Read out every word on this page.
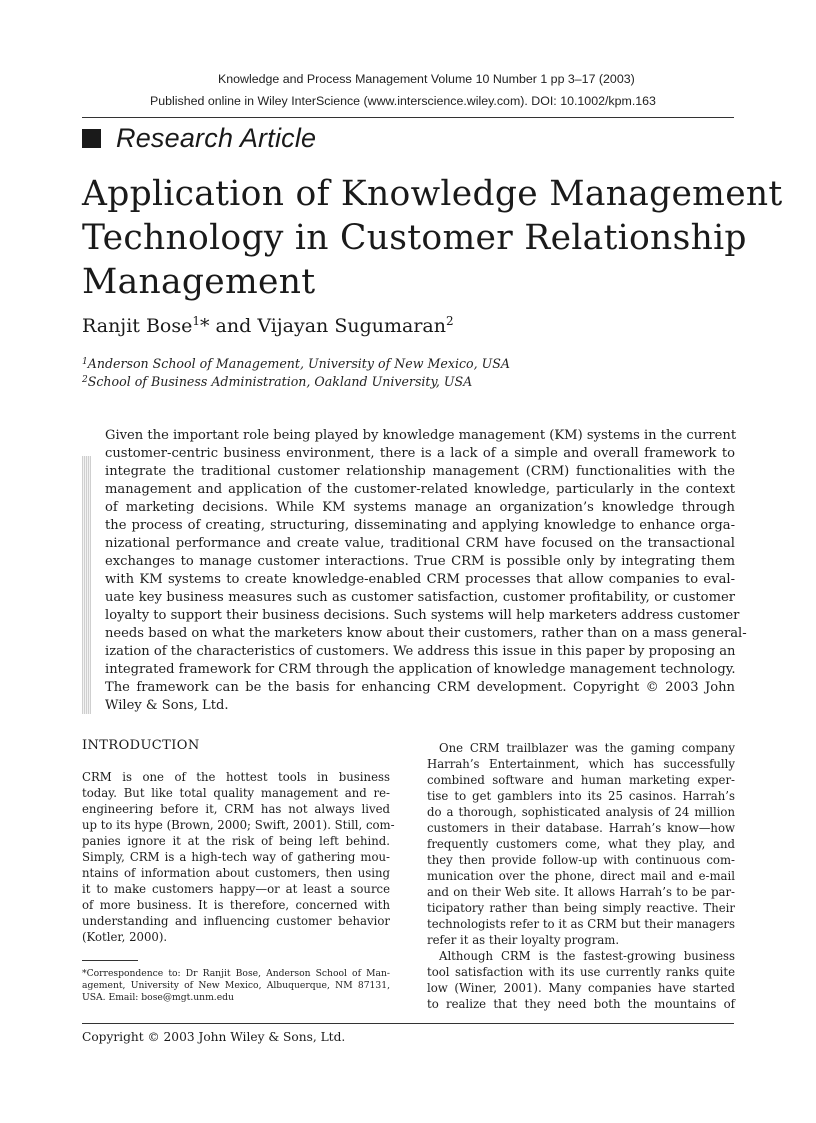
Knowledge and Process Management Volume 10 Number 1 pp 3–17 (2003)
Published online in Wiley InterScience (www.interscience.wiley.com). DOI: 10.1002/kpm.163
Research Article
Application of Knowledge Management
Technology in Customer Relationship
Management
Ranjit Bose$^1$* and Vijayan Sugumaran$^2$
$^1$Anderson School of Management, University of New Mexico, USA
$^2$School of Business Administration, Oakland University, USA
Given the important role being played by knowledge management (KM) systems in the current
customer-centric business environment, there is a lack of a simple and overall framework to
integrate the traditional customer relationship management (CRM) functionalities with the
management and application of the customer-related knowledge, particularly in the context
of marketing decisions. While KM systems manage an organization’s knowledge through
the process of creating, structuring, disseminating and applying knowledge to enhance orga-
nizational performance and create value, traditional CRM have focused on the transactional
exchanges to manage customer interactions. True CRM is possible only by integrating them
with KM systems to create knowledge-enabled CRM processes that allow companies to eval-
uate key business measures such as customer satisfaction, customer profitability, or customer
loyalty to support their business decisions. Such systems will help marketers address customer
needs based on what the marketers know about their customers, rather than on a mass general-
ization of the characteristics of customers. We address this issue in this paper by proposing an
integrated framework for CRM through the application of knowledge management technology.
The framework can be the basis for enhancing CRM development. Copyright © 2003 John
Wiley & Sons, Ltd.
INTRODUCTION
CRM is one of the hottest tools in business
today. But like total quality management and re-
engineering before it, CRM has not always lived
up to its hype (Brown, 2000; Swift, 2001). Still, com-
panies ignore it at the risk of being left behind.
Simply, CRM is a high-tech way of gathering mou-
ntains of information about customers, then using
it to make customers happy—or at least a source
of more business. It is therefore, concerned with
understanding and influencing customer behavior
(Kotler, 2000).
*Correspondence to: Dr Ranjit Bose, Anderson School of Man-
agement, University of New Mexico, Albuquerque, NM 87131,
USA. Email: bose@mgt.unm.edu
One CRM trailblazer was the gaming company
Harrah’s Entertainment, which has successfully
combined software and human marketing exper-
tise to get gamblers into its 25 casinos. Harrah’s
do a thorough, sophisticated analysis of 24 million
customers in their database. Harrah’s know—how
frequently customers come, what they play, and
they then provide follow-up with continuous com-
munication over the phone, direct mail and e-mail
and on their Web site. It allows Harrah’s to be par-
ticipatory rather than being simply reactive. Their
technologists refer to it as CRM but their managers
refer it as their loyalty program.
Although CRM is the fastest-growing business
tool satisfaction with its use currently ranks quite
low (Winer, 2001). Many companies have started
to realize that they need both the mountains of
Copyright © 2003 John Wiley & Sons, Ltd.
